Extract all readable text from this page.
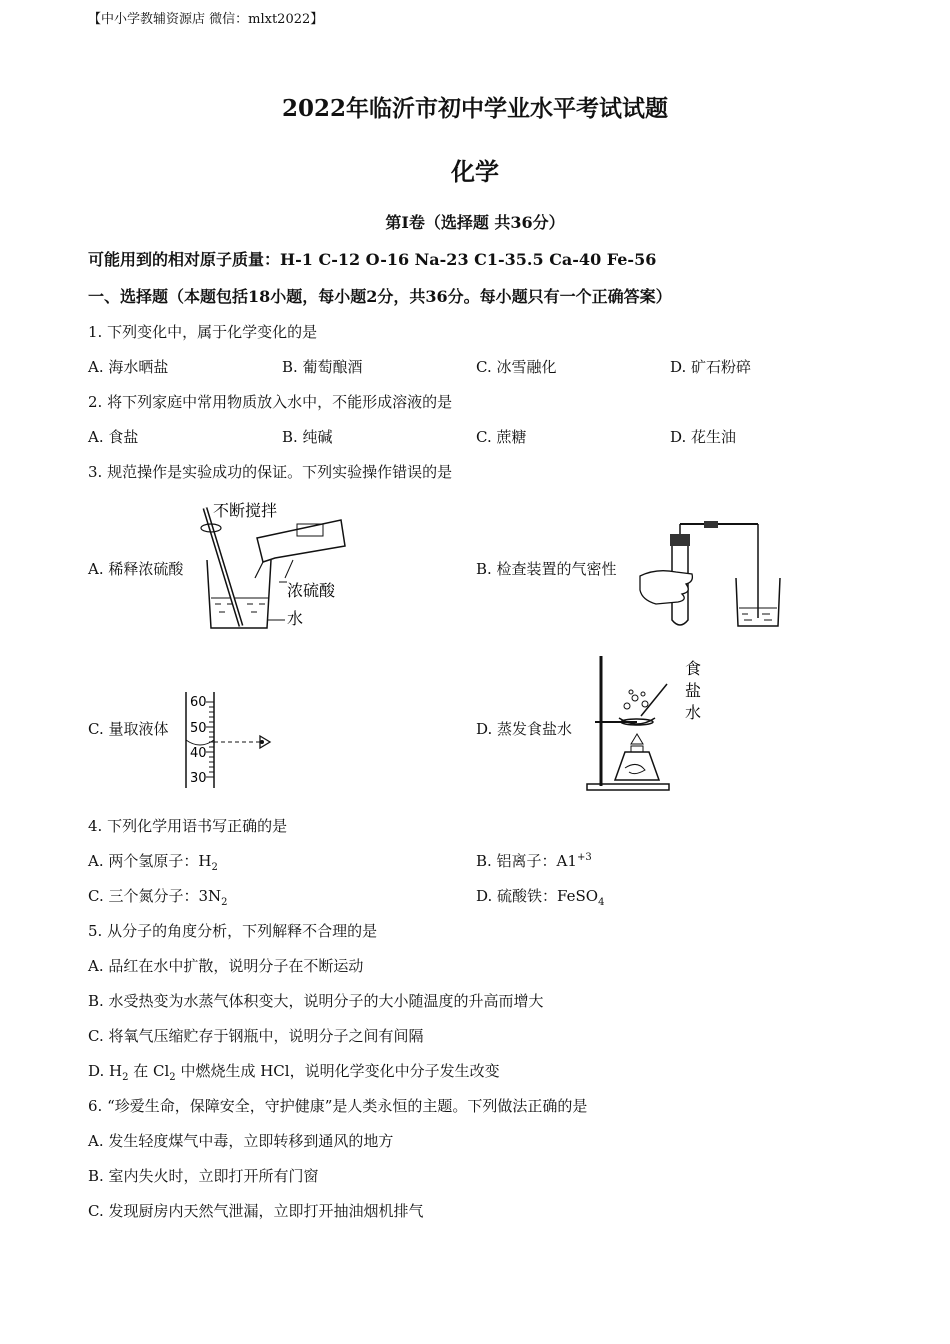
【中小学教辅资源店 微信：mlxt2022】
2022年临沂市初中学业水平考试试题
化学
第I卷（选择题 共36分）
可能用到的相对原子质量：H-1 C-12 O-16 Na-23 C1-35.5 Ca-40 Fe-56
一、选择题（本题包括18小题，每小题2分，共36分。每小题只有一个正确答案）
1. 下列变化中，属于化学变化的是
A. 海水晒盐	B. 葡萄酿酒	C. 冰雪融化	D. 矿石粉碎
2. 将下列家庭中常用物质放入水中，不能形成溶液的是
A. 食盐	B. 纯碱	C. 蔗糖	D. 花生油
3. 规范操作是实验成功的保证。下列实验操作错误的是
A. 稀释浓硫酸	B. 检查装置的气密性
C. 量取液体	D. 蒸发食盐水
不断搅拌
浓硫酸
水
60
50
40
30
食
盐
水
4. 下列化学用语书写正确的是
A. 两个氢原子：$H_2$	B. 铝离子：$A1^{+3}$
C. 三个氮分子：$3N_2$	D. 硫酸铁：FeSO$_4$
5. 从分子的角度分析，下列解释不合理的是
A. 品红在水中扩散，说明分子在不断运动
B. 水受热变为水蒸气体积变大，说明分子的大小随温度的升高而增大
C. 将氧气压缩贮存于钢瓶中，说明分子之间有间隔
D. $H_2$ 在 $Cl_2$ 中燃烧生成 HCl，说明化学变化中分子发生改变
6. “珍爱生命，保障安全，守护健康”是人类永恒的主题。下列做法正确的是
A. 发生轻度煤气中毒，立即转移到通风的地方
B. 室内失火时，立即打开所有门窗
C. 发现厨房内天然气泄漏，立即打开抽油烟机排气
